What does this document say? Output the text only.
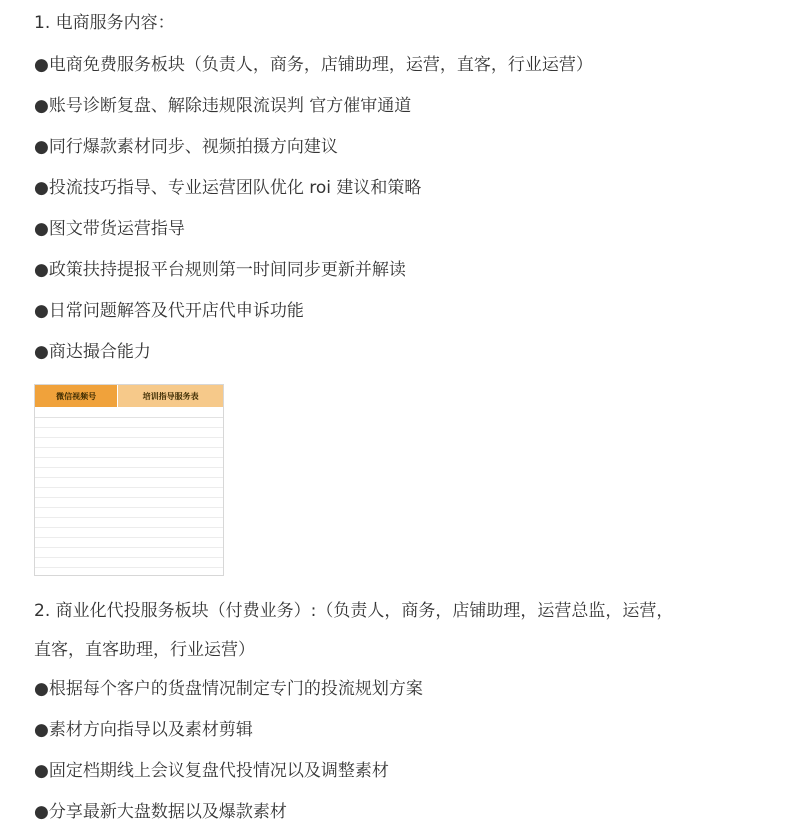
1. 电商服务内容：
●电商免费服务板块（负责人，商务，店铺助理，运营，直客，行业运营）
●账号诊断复盘、解除违规限流误判 官方催审通道
●同行爆款素材同步、视频拍摄方向建议
●投流技巧指导、专业运营团队优化 roi 建议和策略
●图文带货运营指导
●政策扶持提报平台规则第一时间同步更新并解读
●日常问题解答及代开店代申诉功能
●商达撮合能力
2. 商业化代投服务板块（付费业务）:（负责人，商务，店铺助理，运营总监，运营，
直客，直客助理，行业运营）
●根据每个客户的货盘情况制定专门的投流规划方案
●素材方向指导以及素材剪辑
●固定档期线上会议复盘代投情况以及调整素材
●分享最新大盘数据以及爆款素材
微信视频号	培训指导服务表
